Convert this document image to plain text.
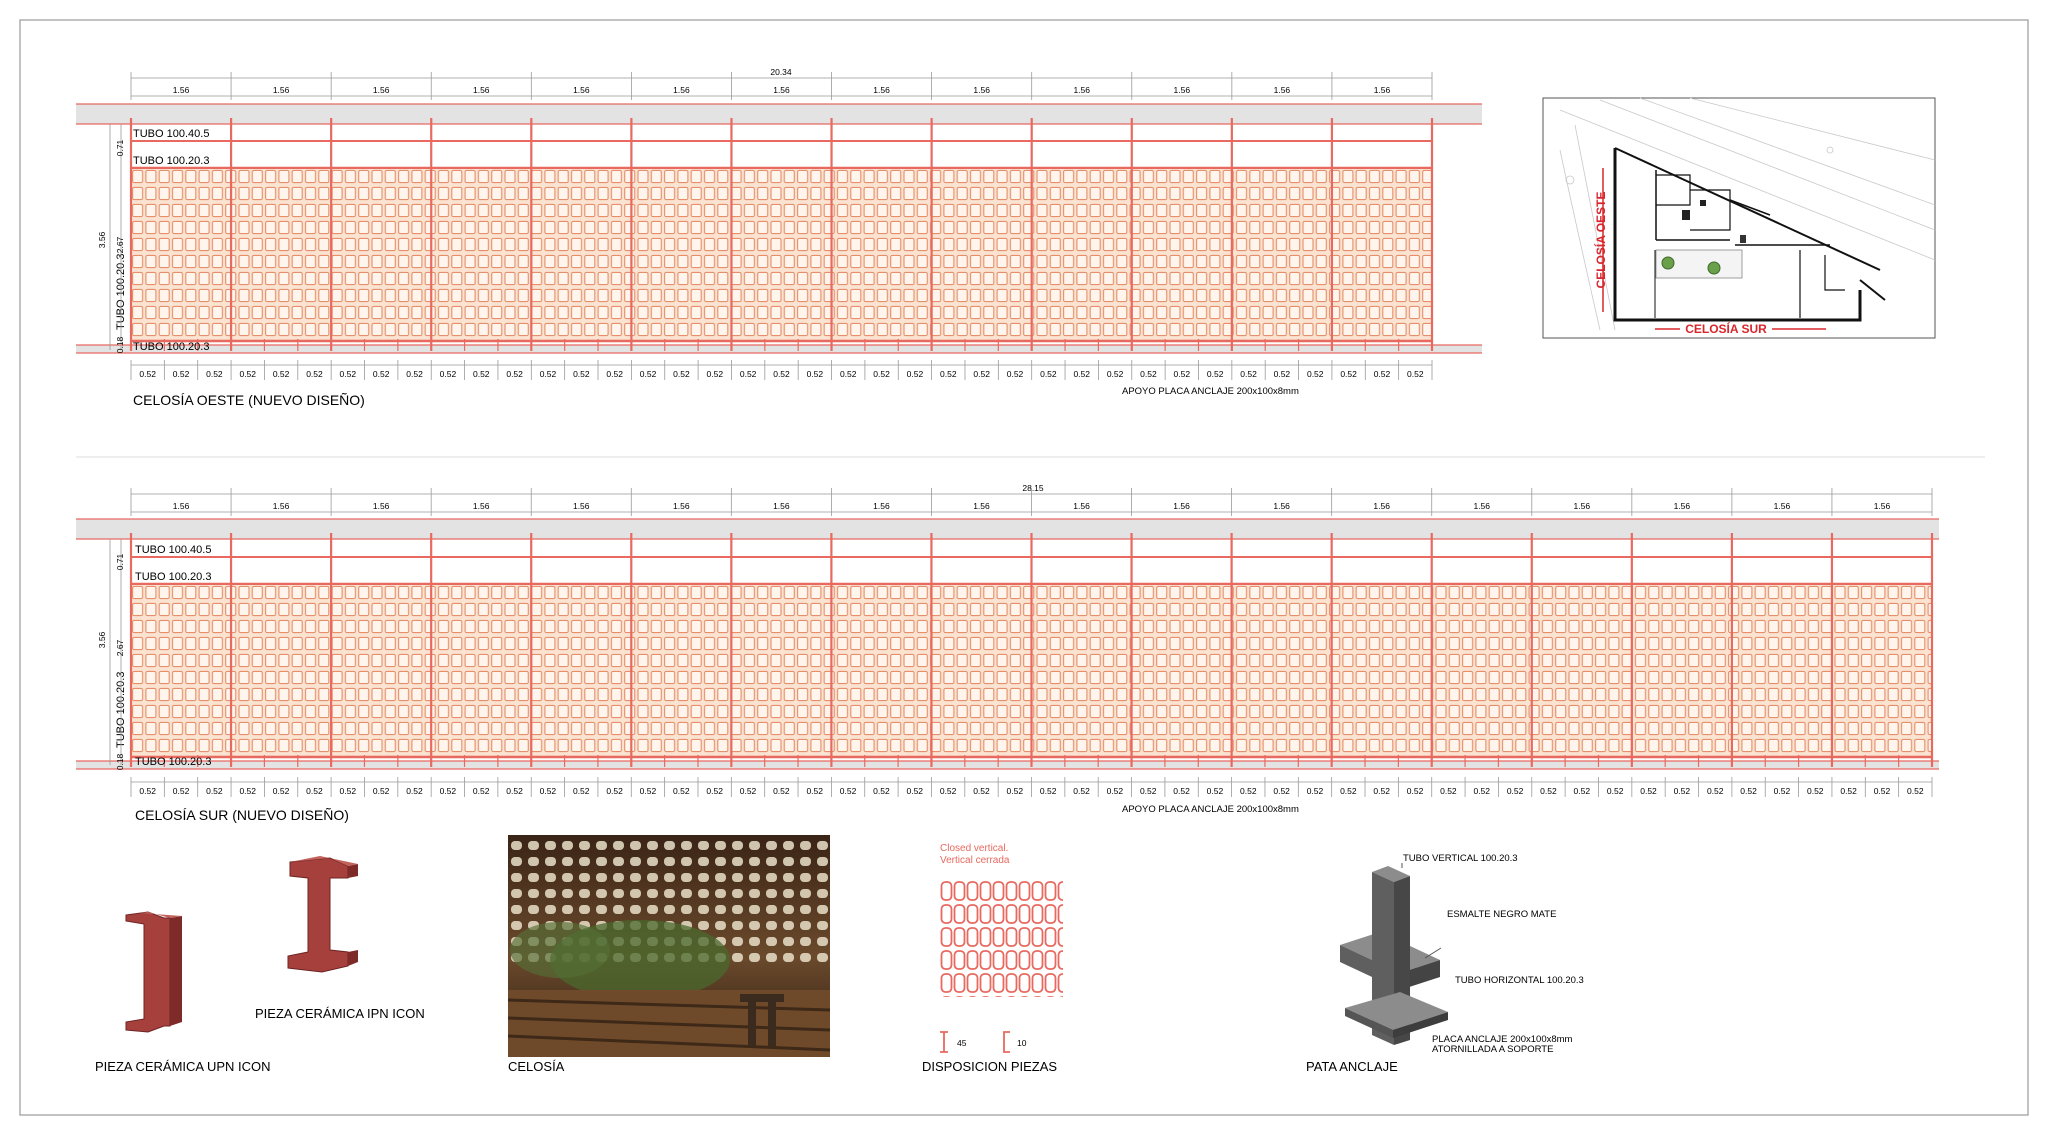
TUBO 100.40.5
TUBO 100.20.3
TUBO 100.20.3
TUBO 100.20.3
20.34
1.56	1.56	1.56	1.56	1.56	1.56	1.56	1.56	1.56	1.56	1.56	1.56	1.56
0.52 0.52 0.52 0.52 0.52 0.52 0.52 0.52 0.52 0.52 0.52 0.52 0.52 0.52 0.52 0.52 0.52 0.52 0.52 0.52 0.52 0.52 0.52 0.52 0.52 0.52 0.52 0.52 0.52 0.52 0.52 0.52 0.52 0.52 0.52 0.52 0.52 0.52 0.52
3.56
0.71
2.67
0.18
APOYO PLACA ANCLAJE 200x100x8mm
CELOSÍA OESTE (NUEVO DISEÑO)
TUBO 100.40.5
TUBO 100.20.3
TUBO 100.20.3
TUBO 100.20.3
28.15
1.56	1.56	1.56	1.56	1.56	1.56	1.56	1.56	1.56	1.56	1.56	1.56	1.56	1.56	1.56	1.56	1.56	1.56
0.52 0.52 0.52 0.52 0.52 0.52 0.52 0.52 0.52 0.52 0.52 0.52 0.52 0.52 0.52 0.52 0.52 0.52 0.52 0.52 0.52 0.52 0.52 0.52 0.52 0.52 0.52 0.52 0.52 0.52 0.52 0.52 0.52 0.52 0.52 0.52 0.52 0.52 0.52 0.52 0.52 0.52 0.52 0.52 0.52 0.52 0.52 0.52 0.52 0.52 0.52 0.52 0.52 0.52
3.56
0.71
2.67
0.18
APOYO PLACA ANCLAJE 200x100x8mm
CELOSÍA SUR (NUEVO DISEÑO)
CELOSÍA OESTE
CELOSÍA SUR
PIEZA CERÁMICA UPN ICON
PIEZA CERÁMICA IPN ICON
CELOSÍA
Closed vertical.
Vertical cerrada
45	10
DISPOSICION PIEZAS
TUBO VERTICAL 100.20.3
ESMALTE NEGRO MATE
TUBO HORIZONTAL 100.20.3
PLACA ANCLAJE 200x100x8mm
ATORNILLADA A SOPORTE
PATA ANCLAJE
